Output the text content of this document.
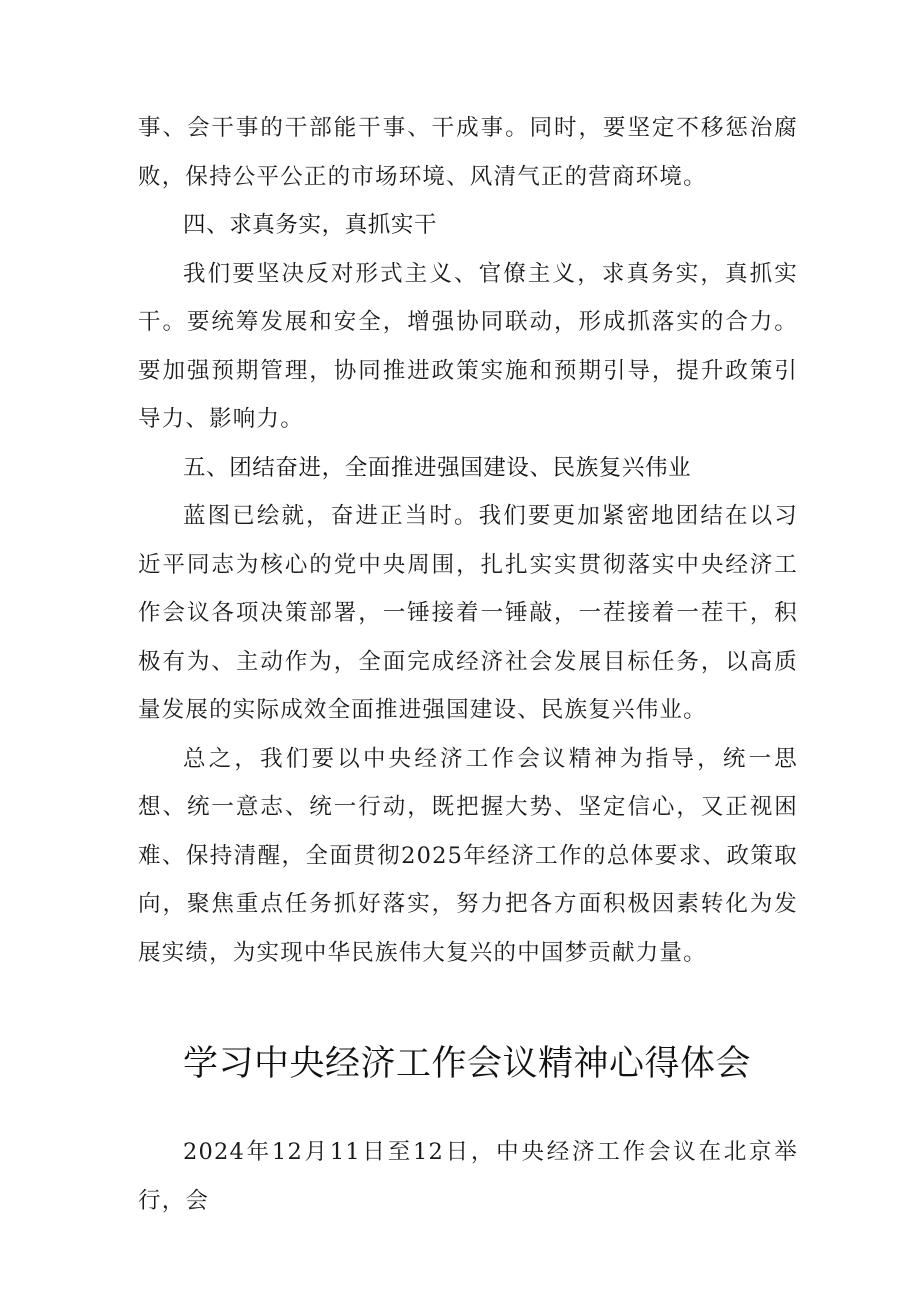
事、会干事的干部能干事、干成事。同时，要坚定不移惩治腐败，保持公平公正的市场环境、风清气正的营商环境。

四、求真务实，真抓实干

我们要坚决反对形式主义、官僚主义，求真务实，真抓实干。要统筹发展和安全，增强协同联动，形成抓落实的合力。要加强预期管理，协同推进政策实施和预期引导，提升政策引导力、影响力。

五、团结奋进，全面推进强国建设、民族复兴伟业

蓝图已绘就，奋进正当时。我们要更加紧密地团结在以习近平同志为核心的党中央周围，扎扎实实贯彻落实中央经济工作会议各项决策部署，一锤接着一锤敲，一茬接着一茬干，积极有为、主动作为，全面完成经济社会发展目标任务，以高质量发展的实际成效全面推进强国建设、民族复兴伟业。

总之，我们要以中央经济工作会议精神为指导，统一思想、统一意志、统一行动，既把握大势、坚定信心，又正视困难、保持清醒，全面贯彻2025年经济工作的总体要求、政策取向，聚焦重点任务抓好落实，努力把各方面积极因素转化为发展实绩，为实现中华民族伟大复兴的中国梦贡献力量。

学习中央经济工作会议精神心得体会

2024年12月11日至12日，中央经济工作会议在北京举行，会
